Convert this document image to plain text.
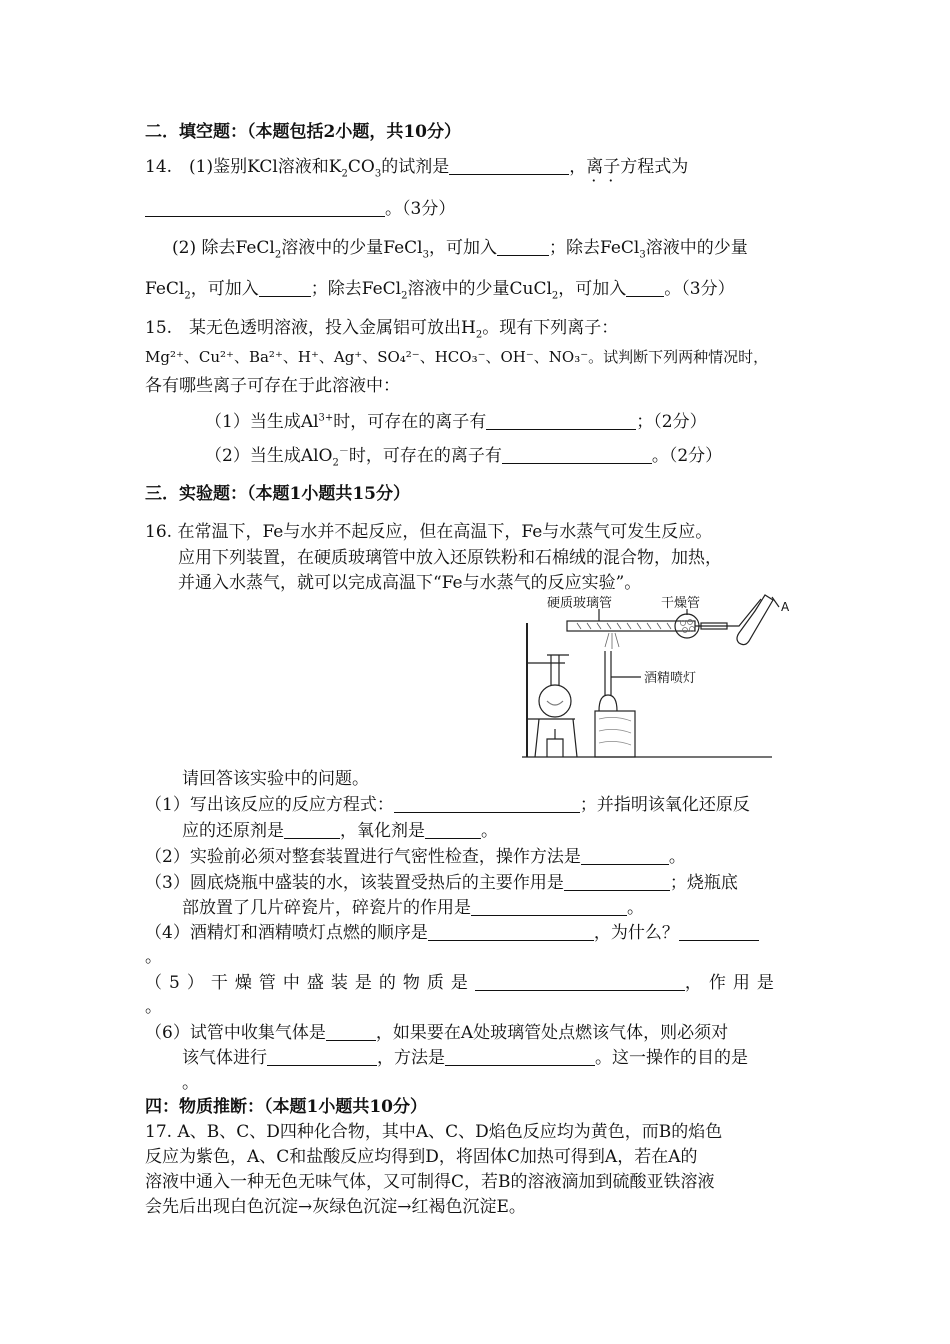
二．填空题：（本题包括2小题，共10分）
14.　(1)鉴别KCl溶液和$K_2CO_3$的试剂是	，离子方程式为
。（3分）
(2) 除去FeCl$_2$溶液中的少量FeCl$_3$，可加入	；除去FeCl$_3$溶液中的少量
FeCl$_2$，可加入	；除去FeCl$_2$溶液中的少量CuCl$_2$，可加入 。（3分）
15.　某无色透明溶液，投入金属铝可放出$H_2$。现有下列离子：
Mg²⁺、Cu²⁺、Ba²⁺、H⁺、Ag⁺、SO₄²⁻、HCO₃⁻、OH⁻、NO₃⁻。试判断下列两种情况时，
各有哪些离子可存在于此溶液中：
（1）当生成$Al^{3+}$时，可存在的离子有	；（2分）
（2）当生成AlO$_2$－时，可存在的离子有	。（2分）
三．实验题：（本题1小题共15分）
16. 在常温下，Fe与水并不起反应，但在高温下，Fe与水蒸气可发生反应。
应用下列装置，在硬质玻璃管中放入还原铁粉和石棉绒的混合物，加热，
并通入水蒸气，就可以完成高温下“Fe与水蒸气的反应实验”。
硬质玻璃管	干燥管	A
酒精喷灯
请回答该实验中的问题。
（1）写出该反应的反应方程式：	；并指明该氧化还原反
应的还原剂是	，氧化剂是	。
（2）实验前必须对整套装置进行气密性检查，操作方法是	。
（3）圆底烧瓶中盛装的水，该装置受热后的主要作用是	；烧瓶底
部放置了几片碎瓷片，碎瓷片的作用是	。
（4）酒精灯和酒精喷灯点燃的顺序是	，为什么？
。
（5）干燥管中盛装是的物质是	，作用是
。
（6）试管中收集气体是	，如果要在A处玻璃管处点燃该气体，则必须对
该气体进行	，方法是	。这一操作的目的是
。
四：物质推断：（本题1小题共10分）
17. A、B、C、D四种化合物，其中A、C、D焰色反应均为黄色，而B的焰色
反应为紫色，A、C和盐酸反应均得到D，将固体C加热可得到A，若在A的
溶液中通入一种无色无味气体，又可制得C，若B的溶液滴加到硫酸亚铁溶液
会先后出现白色沉淀→灰绿色沉淀→红褐色沉淀E。
